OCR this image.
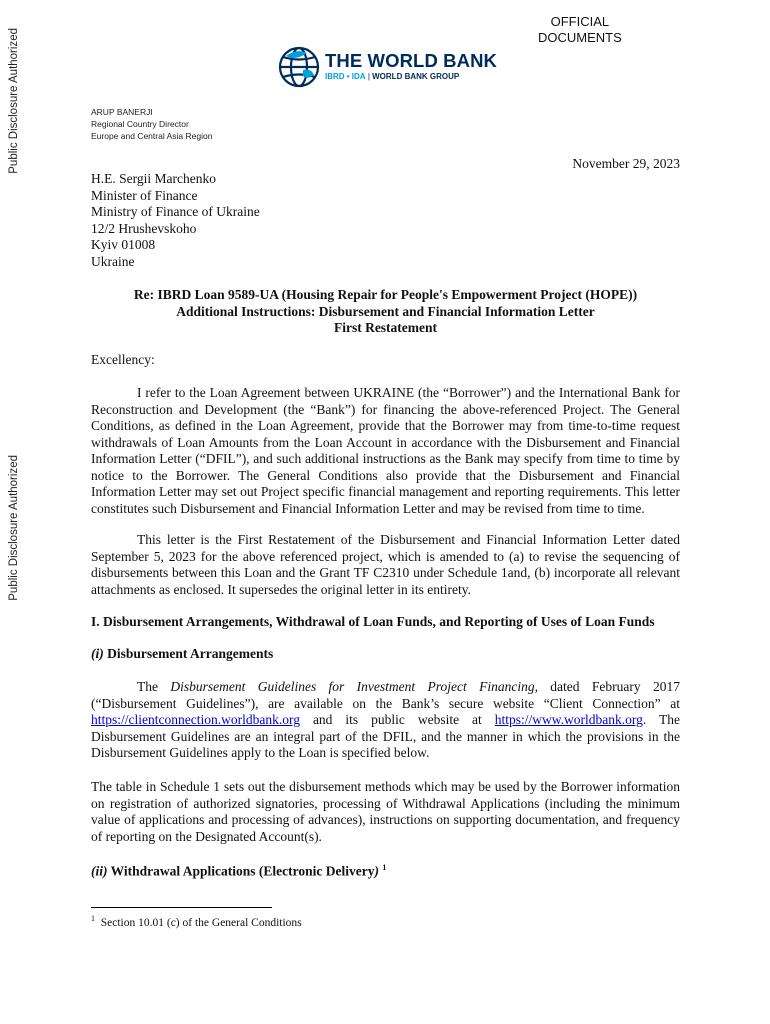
Public Disclosure Authorized
Public Disclosure Authorized
OFFICIAL
DOCUMENTS
THE WORLD BANK
IBRD • IDA | WORLD BANK GROUP
ARUP BANERJI
Regional Country Director
Europe and Central Asia Region
November 29, 2023
H.E. Sergii Marchenko
Minister of Finance
Ministry of Finance of Ukraine
12/2 Hrushevskoho
Kyiv 01008
Ukraine
Re: IBRD Loan 9589-UA (Housing Repair for People's Empowerment Project (HOPE))
Additional Instructions: Disbursement and Financial Information Letter
First Restatement
Excellency:
I refer to the Loan Agreement between UKRAINE (the “Borrower”) and the International Bank for Reconstruction and Development (the “Bank”) for financing the above-referenced Project. The General Conditions, as defined in the Loan Agreement, provide that the Borrower may from time-to-time request withdrawals of Loan Amounts from the Loan Account in accordance with the Disbursement and Financial Information Letter (“DFIL”), and such additional instructions as the Bank may specify from time to time by notice to the Borrower. The General Conditions also provide that the Disbursement and Financial Information Letter may set out Project specific financial management and reporting requirements. This letter constitutes such Disbursement and Financial Information Letter and may be revised from time to time.
This letter is the First Restatement of the Disbursement and Financial Information Letter dated September 5, 2023 for the above referenced project, which is amended to (a) to revise the sequencing of disbursements between this Loan and the Grant TF C2310 under Schedule 1and, (b) incorporate all relevant attachments as enclosed. It supersedes the original letter in its entirety.
I. Disbursement Arrangements, Withdrawal of Loan Funds, and Reporting of Uses of Loan Funds
(i) Disbursement Arrangements
The Disbursement Guidelines for Investment Project Financing, dated February 2017 (“Disbursement Guidelines”), are available on the Bank’s secure website “Client Connection” at https://clientconnection.worldbank.org and its public website at https://www.worldbank.org. The Disbursement Guidelines are an integral part of the DFIL, and the manner in which the provisions in the Disbursement Guidelines apply to the Loan is specified below.
The table in Schedule 1 sets out the disbursement methods which may be used by the Borrower information on registration of authorized signatories, processing of Withdrawal Applications (including the minimum value of applications and processing of advances), instructions on supporting documentation, and frequency of reporting on the Designated Account(s).
(ii) Withdrawal Applications (Electronic Delivery) $^1$
$^1$ Section 10.01 (c) of the General Conditions
